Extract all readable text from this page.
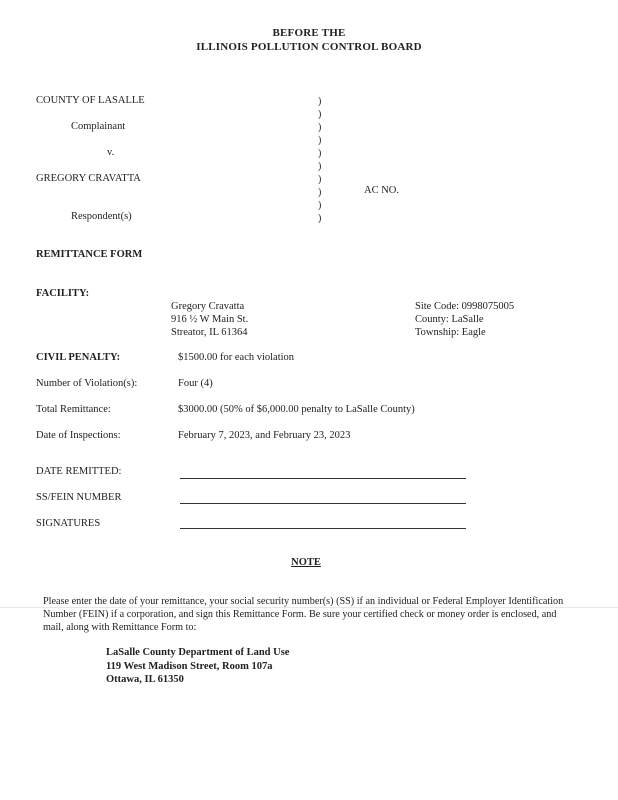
BEFORE THE
ILLINOIS POLLUTION CONTROL BOARD
COUNTY OF LASALLE
Complainant
v.
GREGORY CRAVATTA
Respondent(s)
)
)
)
)
)
)
)
)
)
)
AC NO.
REMITTANCE FORM
FACILITY:
Gregory Cravatta
916 ½ W Main St.
Streator, IL 61364
Site Code: 0998075005
County: LaSalle
Township: Eagle
CIVIL PENALTY:	$1500.00 for each violation
Number of Violation(s):	Four (4)
Total Remittance:	$3000.00 (50% of $6,000.00 penalty to LaSalle County)
Date of Inspections:	February 7, 2023, and February 23, 2023
DATE REMITTED:
SS/FEIN NUMBER
SIGNATURES
NOTE
Please enter the date of your remittance, your social security number(s) (SS) if an individual or Federal Employer Identification Number (FEIN) if a corporation, and sign this Remittance Form. Be sure your certified check or money order is enclosed, and mail, along with Remittance Form to:
LaSalle County Department of Land Use
119 West Madison Street, Room 107a
Ottawa, IL 61350
